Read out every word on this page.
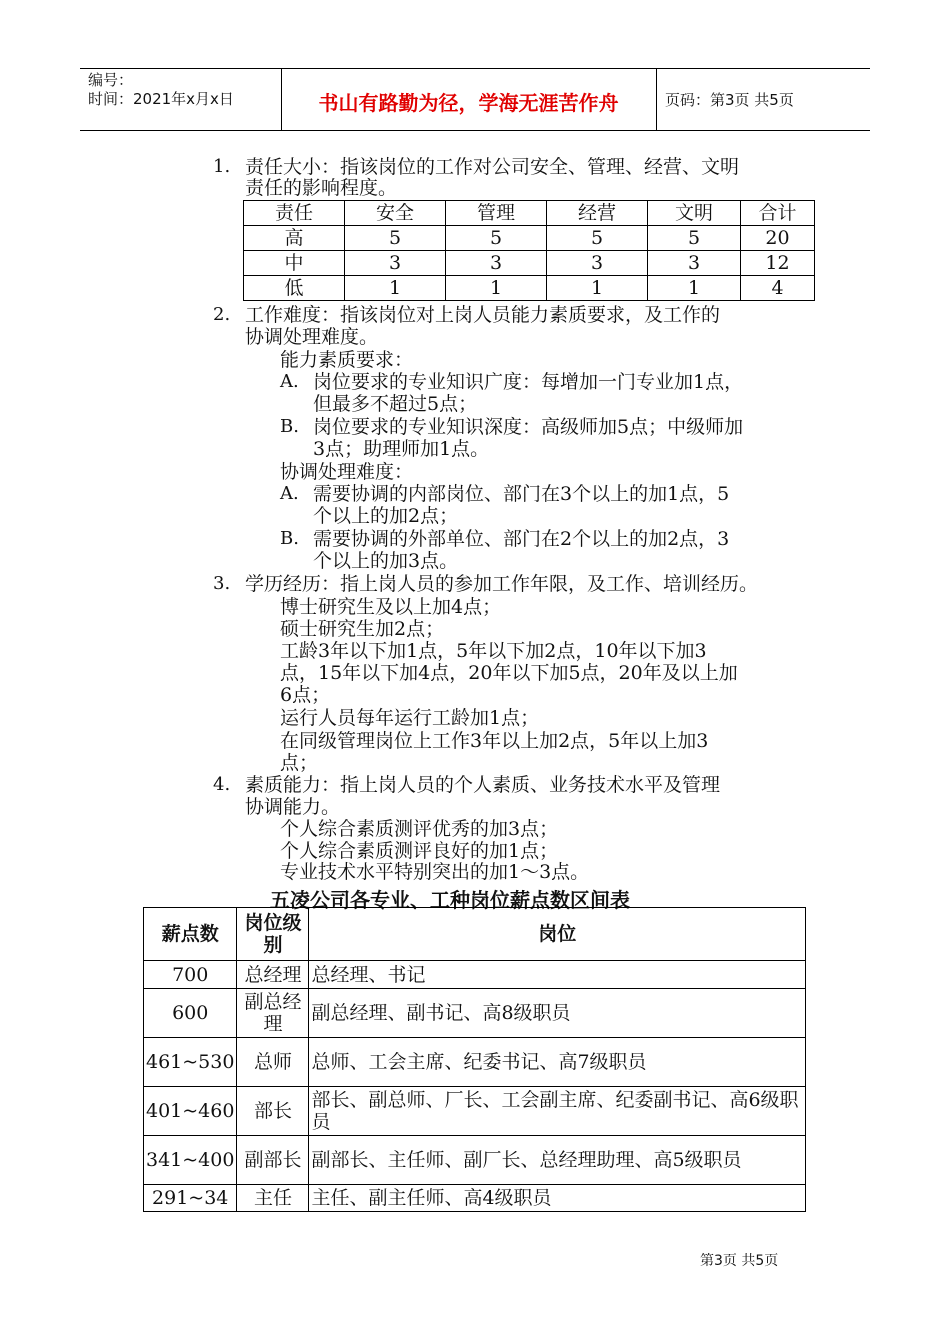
编号：
时间：2021年x月x日	书山有路勤为径，学海无涯苦作舟	页码：第3页 共5页
1. 责任大小：指该岗位的工作对公司安全、管理、经营、文明
责任的影响程度。
责任	安全	管理	经营	文明	合计
高	5	5	5	5	20
中	3	3	3	3	12
低	1	1	1	1	4
2. 工作难度：指该岗位对上岗人员能力素质要求，及工作的
协调处理难度。
能力素质要求：
A. 岗位要求的专业知识广度：每增加一门专业加1点，
但最多不超过5点；
B. 岗位要求的专业知识深度：高级师加5点；中级师加
3点；助理师加1点。
协调处理难度：
A. 需要协调的内部岗位、部门在3个以上的加1点，5
个以上的加2点；
B. 需要协调的外部单位、部门在2个以上的加2点，3
个以上的加3点。
3. 学历经历：指上岗人员的参加工作年限，及工作、培训经历。
博士研究生及以上加4点；
硕士研究生加2点；
工龄3年以下加1点，5年以下加2点，10年以下加3
点，15年以下加4点，20年以下加5点，20年及以上加
6点；
运行人员每年运行工龄加1点；
在同级管理岗位上工作3年以上加2点，5年以上加3
点；
4. 素质能力：指上岗人员的个人素质、业务技术水平及管理
协调能力。
个人综合素质测评优秀的加3点；
个人综合素质测评良好的加1点；
专业技术水平特别突出的加1～3点。
五凌公司各专业、工种岗位薪点数区间表
薪点数	岗位级别	岗位
700	总经理	总经理、书记
600	副总经理	副总经理、副书记、高8级职员
461~530	总师	总师、工会主席、纪委书记、高7级职员
401~460	部长	部长、副总师、厂长、工会副主席、纪委副书记、高6级职员
341~400	副部长	副部长、主任师、副厂长、总经理助理、高5级职员
291~34	主任	主任、副主任师、高4级职员
第3页 共5页
